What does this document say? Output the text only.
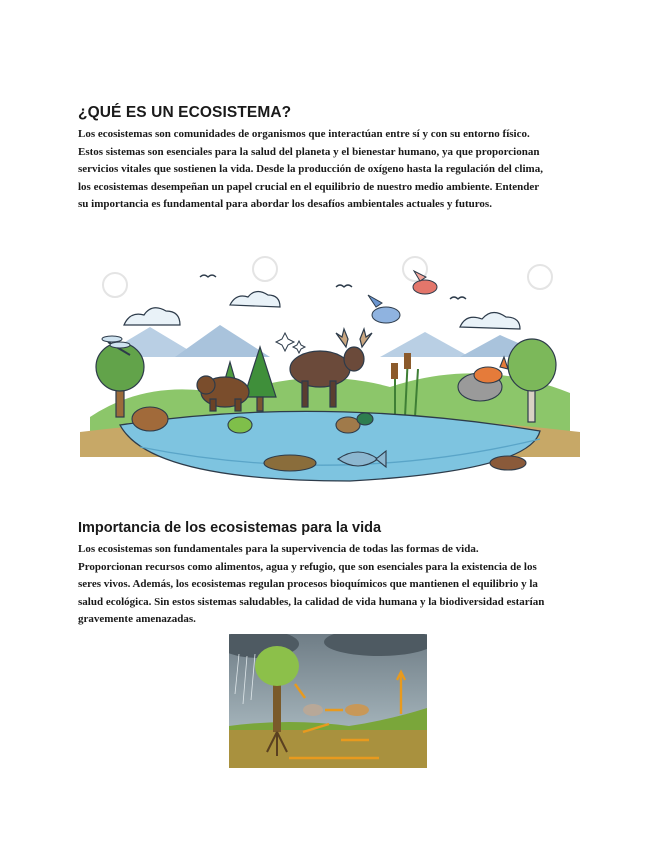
¿QUÉ ES UN ECOSISTEMA?
Los ecosistemas son comunidades de organismos que interactúan entre sí y con su entorno físico.
Estos sistemas son esenciales para la salud del planeta y el bienestar humano, ya que proporcionan
servicios vitales que sostienen la vida. Desde la producción de oxígeno hasta la regulación del clima,
los ecosistemas desempeñan un papel crucial en el equilibrio de nuestro medio ambiente. Entender
su importancia es fundamental para abordar los desafíos ambientales actuales y futuros.
Importancia de los ecosistemas para la vida
Los ecosistemas son fundamentales para la supervivencia de todas las formas de vida.
Proporcionan recursos como alimentos, agua y refugio, que son esenciales para la existencia de los
seres vivos. Además, los ecosistemas regulan procesos bioquímicos que mantienen el equilibrio y la
salud ecológica. Sin estos sistemas saludables, la calidad de vida humana y la biodiversidad estarían
gravemente amenazadas.
